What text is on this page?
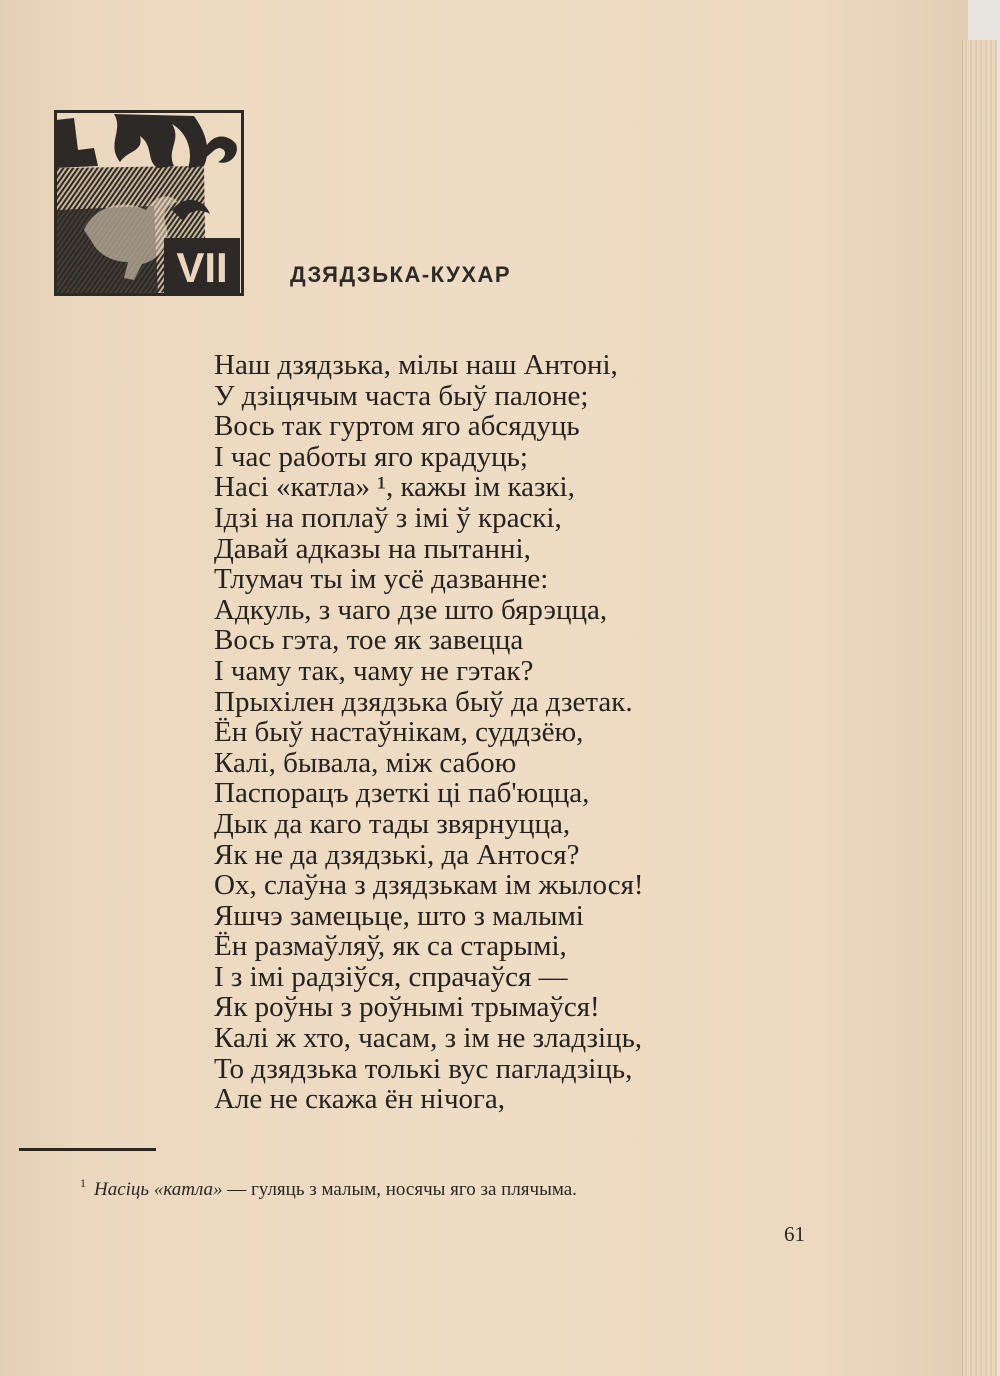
VII	ДЗЯДЗЬКА-КУХАР
Наш дзядзька, мілы наш Антоні,
У дзіцячым часта быў палоне;
Вось так гуртом яго абсядуць
І час работы яго крадуць;
Насі «катла» ¹, кажы ім казкі,
Ідзі на поплаў з імі ў краскі,
Давай адказы на пытанні,
Тлумач ты ім усё дазванне:
Адкуль, з чаго дзе што бярэцца,
Вось гэта, тое як завецца
І чаму так, чаму не гэтак?
Прыхілен дзядзька быў да дзетак.
Ён быў настаўнікам, суддзёю,
Калі, бывала, між сабою
Паспорацъ дзеткі ці паб'юцца,
Дык да каго тады звярнуцца,
Як не да дзядзькі, да Антося?
Ох, слаўна з дзядзькам ім жылося!
Яшчэ замецьце, што з малымі
Ён размаўляў, як са старымі,
І з імі радзіўся, спрачаўся —
Як роўны з роўнымі трымаўся!
Калі ж хто, часам, з ім не зладзіць,
То дзядзька толькі вус пагладзіць,
Але не скажа ён нічога,

$^1$ Насіць «катла» — гуляць з малым, носячы яго за плячыма.

61
